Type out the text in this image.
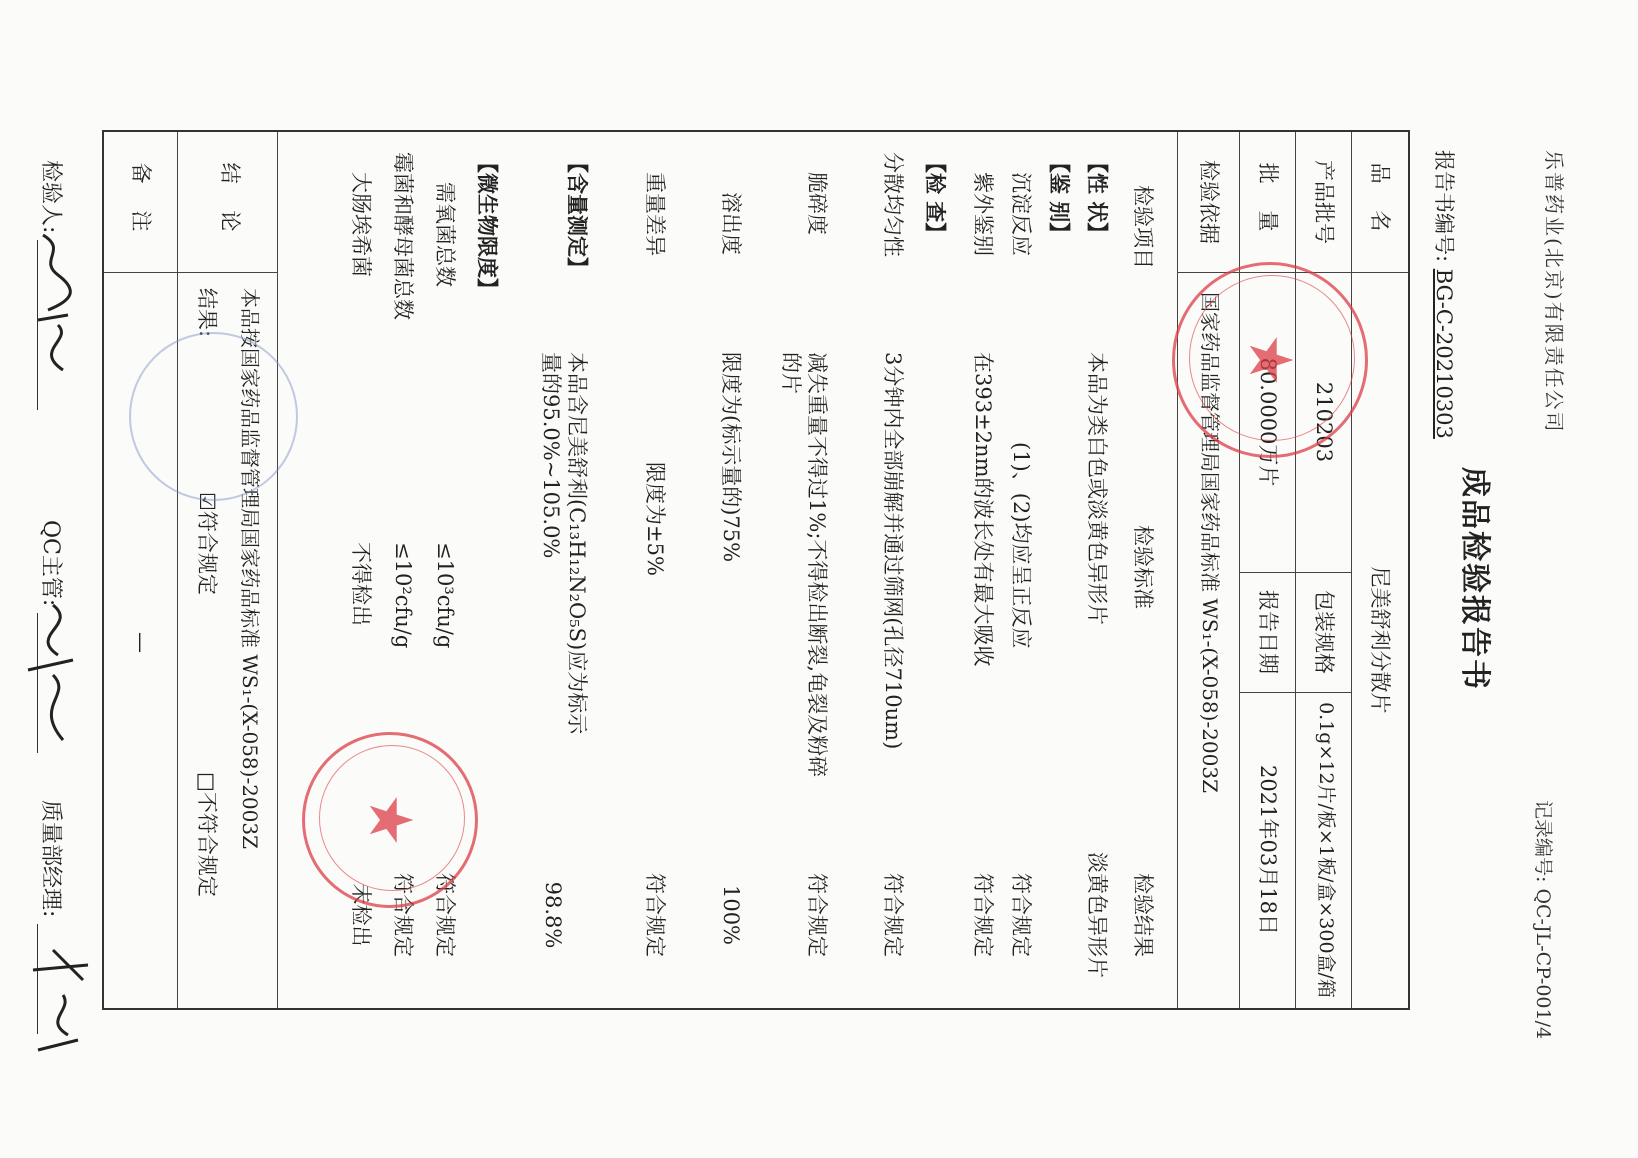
乐普药业(北京)有限责任公司
记录编号: QC-JL-CP-001/4
成品检验报告书
报告书编号: BG-C-20210303
品 名
尼美舒利分散片
产品批号
210203
包装规格
0.1g×12片/板×1板/盒×300盒/箱
批 量
80.0000万片
报告日期
2021年03月18日
检验依据
国家药品监督管理局国家药品标准 WS₁-(X-058)-2003Z
检验项目
检验标准
检验结果
【性 状】
本品为类白色或淡黄色异形片
淡黄色异形片
【鉴 别】
沉淀反应
(1)、(2)均应呈正反应
符合规定
紫外鉴别
在393±2nm的波长处有最大吸收
符合规定
【检 查】
分散均匀性
3分钟内全部崩解并通过筛网(孔径710um)
符合规定
脆碎度
减失重量不得过1%;不得检出断裂,龟裂及粉碎的片
符合规定
溶出度
限度为(标示量的)75%
100%
重量差异
限度为±5%
符合规定
【含量测定】
本品含尼美舒利(C₁₃H₁₂N₂O₅S)应为标示量的95.0%~105.0%
98.8%
【微生物限度】
需氧菌总数
≤10³cfu/g
符合规定
霉菌和酵母菌总数
≤10²cfu/g
符合规定
大肠埃希菌
不得检出
未检出
结 论
本品按国家药品监督管理局国家药品标准 WS₁-(X-058)-2003Z
结果:
☑符合规定
□不符合规定
备 注
—
★
★
检验人:
QC主管:
质量部经理:
